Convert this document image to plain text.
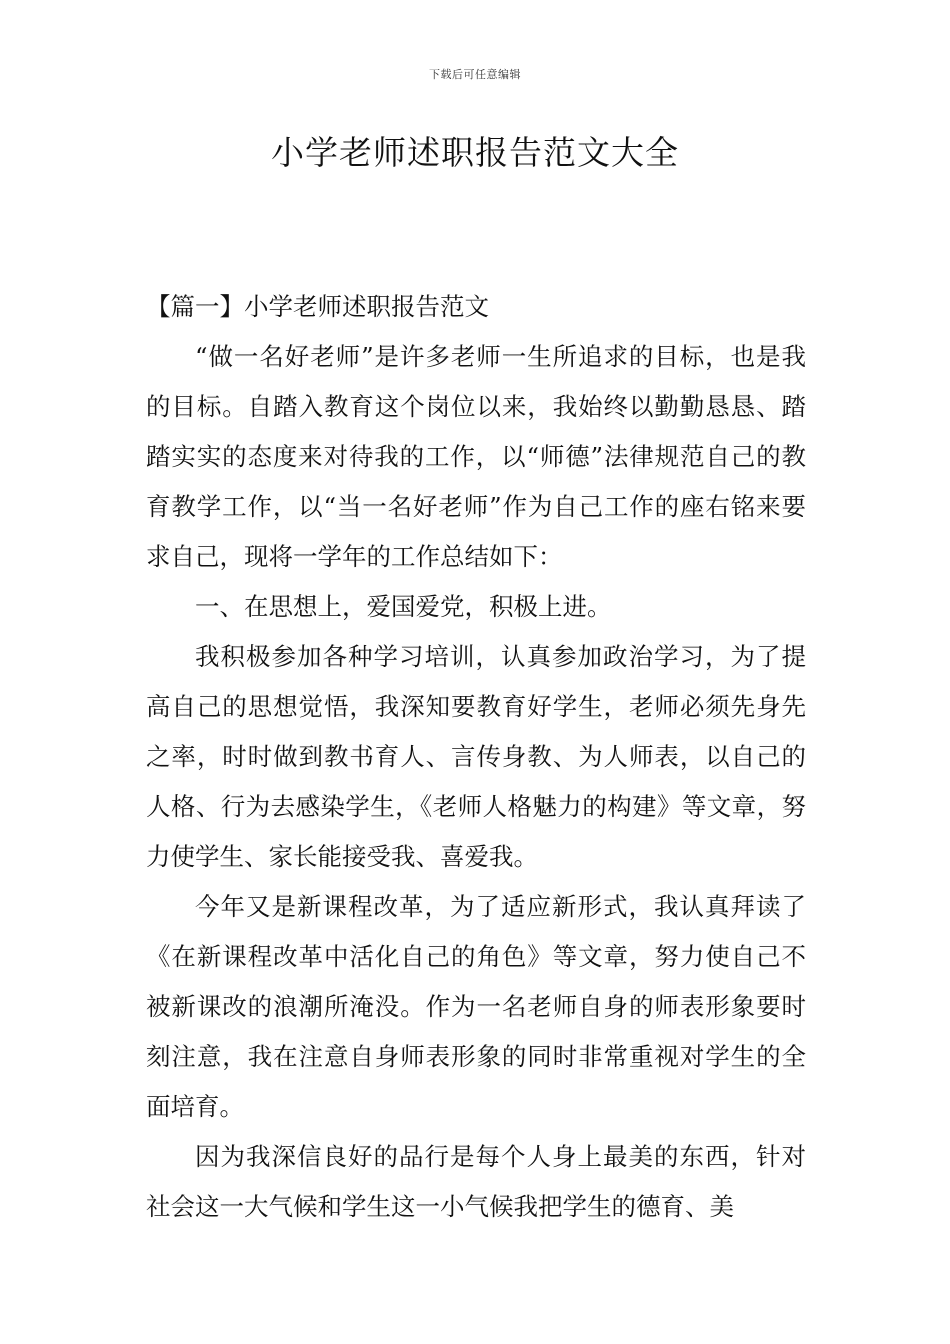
下载后可任意编辑
小学老师述职报告范文大全

【篇一】小学老师述职报告范文

“做一名好老师”是许多老师一生所追求的目标，也是我的目标。自踏入教育这个岗位以来，我始终以勤勤恳恳、踏踏实实的态度来对待我的工作，以“师德”法律规范自己的教育教学工作，以“当一名好老师”作为自己工作的座右铭来要求自己，现将一学年的工作总结如下：

一、在思想上，爱国爱党，积极上进。

我积极参加各种学习培训，认真参加政治学习，为了提高自己的思想觉悟，我深知要教育好学生，老师必须先身先之率，时时做到教书育人、言传身教、为人师表，以自己的人格、行为去感染学生，《老师人格魅力的构建》等文章，努力使学生、家长能接受我、喜爱我。

今年又是新课程改革，为了适应新形式，我认真拜读了《在新课程改革中活化自己的角色》等文章，努力使自己不被新课改的浪潮所淹没。作为一名老师自身的师表形象要时刻注意，我在注意自身师表形象的同时非常重视对学生的全面培育。

因为我深信良好的品行是每个人身上最美的东西，针对社会这一大气候和学生这一小气候我把学生的德育、美
